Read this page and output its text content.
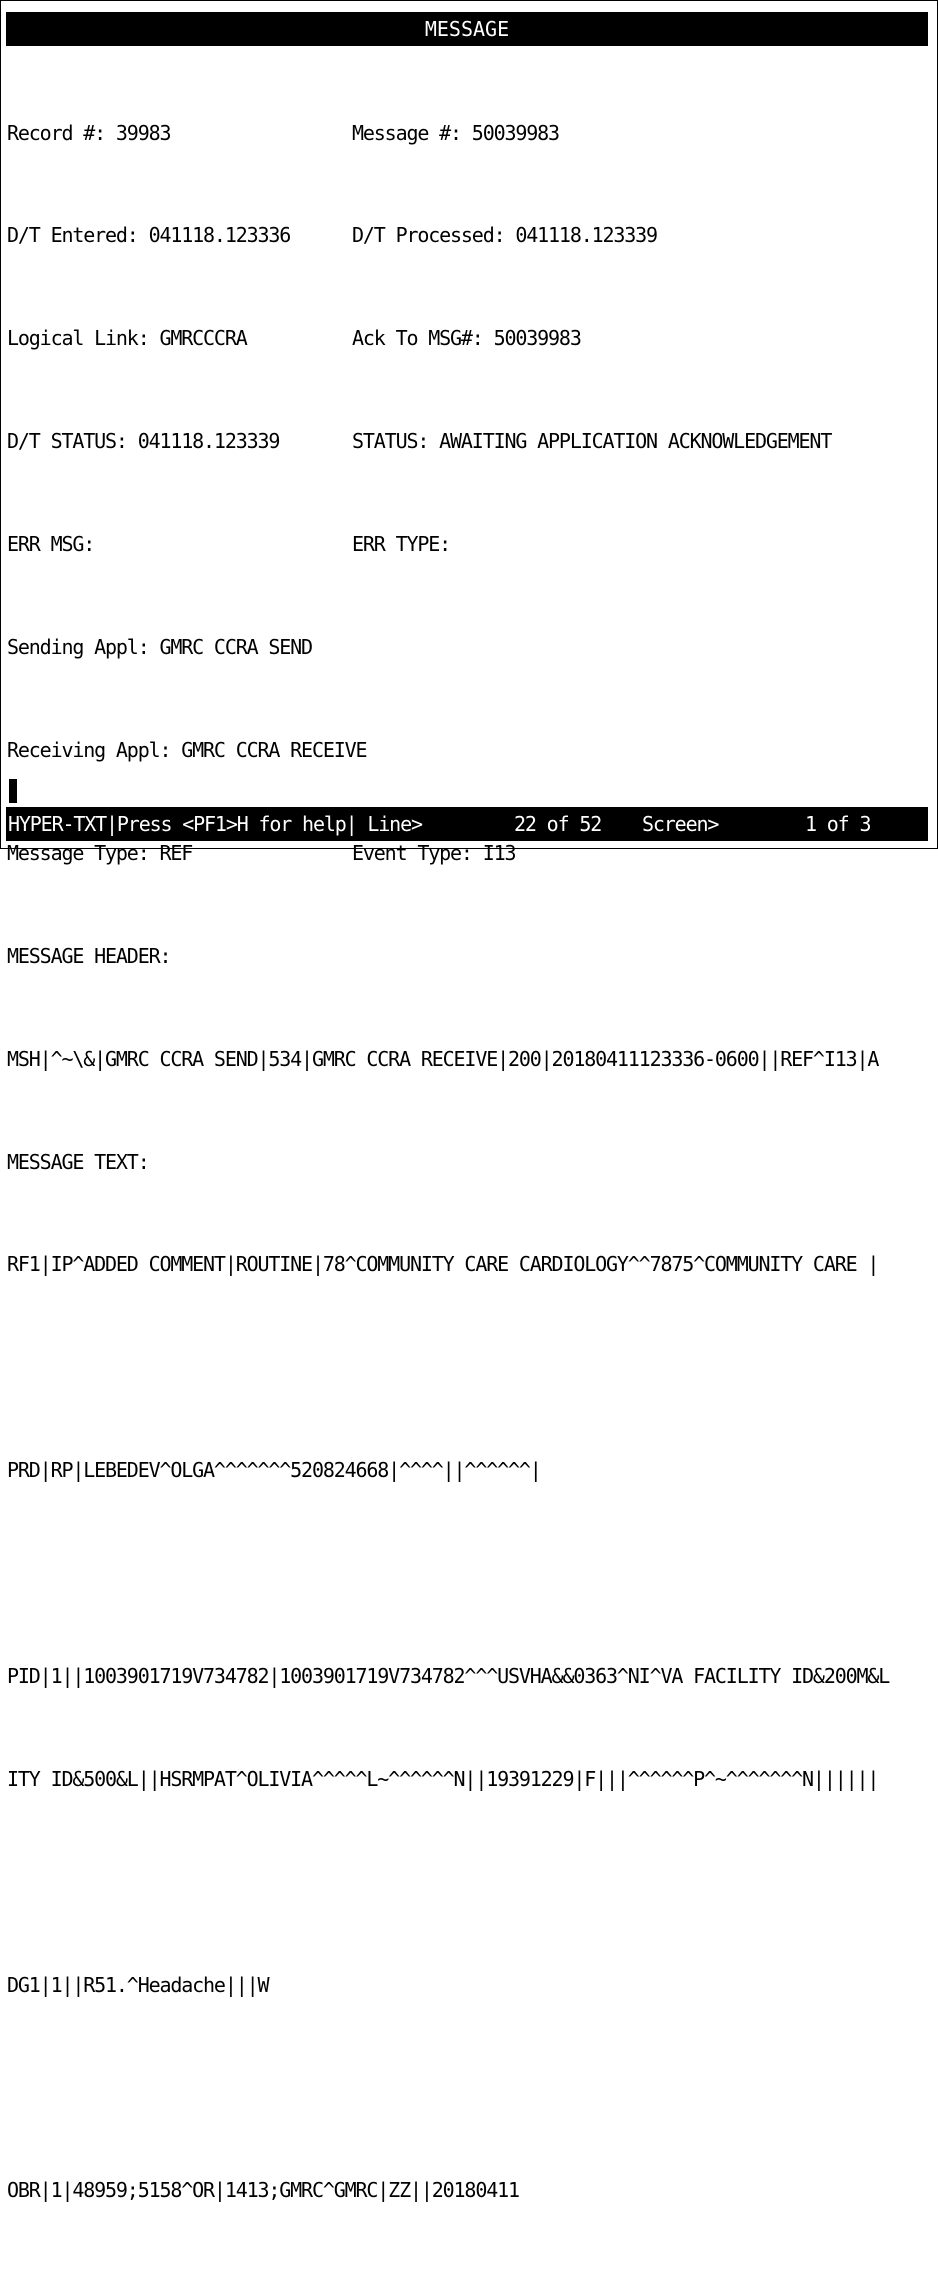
MESSAGE

Record #: 39983	Message #: 50039983

D/T Entered: 041118.123336	D/T Processed: 041118.123339

Logical Link: GMRCCCRA	Ack To MSG#: 50039983

D/T STATUS: 041118.123339	STATUS: AWAITING APPLICATION ACKNOWLEDGEMENT

ERR MSG:	ERR TYPE:

Sending Appl: GMRC CCRA SEND

Receiving Appl: GMRC CCRA RECEIVE

Message Type: REF	Event Type: I13

MESSAGE HEADER:

MSH|^~\&|GMRC CCRA SEND|534|GMRC CCRA RECEIVE|200|20180411123336-0600||REF^I13|A

MESSAGE TEXT:

RF1|IP^ADDED COMMENT|ROUTINE|78^COMMUNITY CARE CARDIOLOGY^^7875^COMMUNITY CARE |

PRD|RP|LEBEDEV^OLGA^^^^^^^520824668|^^^^||^^^^^^|

PID|1||1003901719V734782|1003901719V734782^^^USVHA&&0363^NI^VA FACILITY ID&200M&L

ITY ID&500&L||HSRMPAT^OLIVIA^^^^^L~^^^^^^N||19391229|F|||^^^^^^P^~^^^^^^^N||||||

DG1|1||R51.^Headache|||W

OBR|1|48959;5158^OR|1413;GMRC^GMRC|ZZ||20180411

HYPER-TXT|Press <PF1>H for help| Line>

	22 of 52

Screen>

	1 of 3
